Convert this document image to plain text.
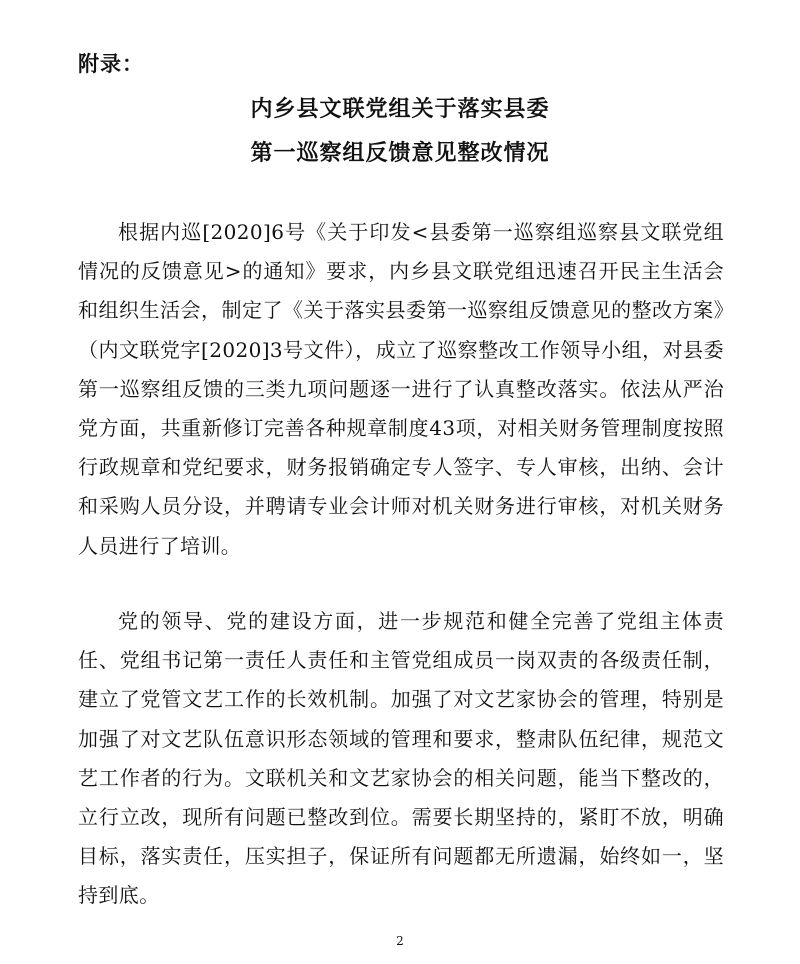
附录：
内乡县文联党组关于落实县委
第一巡察组反馈意见整改情况

根据内巡[2020]6号《关于印发<县委第一巡察组巡察县文联党组情况的反馈意见>的通知》要求，内乡县文联党组迅速召开民主生活会和组织生活会，制定了《关于落实县委第一巡察组反馈意见的整改方案》（内文联党字[2020]3号文件），成立了巡察整改工作领导小组，对县委第一巡察组反馈的三类九项问题逐一进行了认真整改落实。依法从严治党方面，共重新修订完善各种规章制度43项，对相关财务管理制度按照行政规章和党纪要求，财务报销确定专人签字、专人审核，出纳、会计和采购人员分设，并聘请专业会计师对机关财务进行审核，对机关财务人员进行了培训。

党的领导、党的建设方面，进一步规范和健全完善了党组主体责任、党组书记第一责任人责任和主管党组成员一岗双责的各级责任制，建立了党管文艺工作的长效机制。加强了对文艺家协会的管理，特别是加强了对文艺队伍意识形态领域的管理和要求，整肃队伍纪律，规范文艺工作者的行为。文联机关和文艺家协会的相关问题，能当下整改的，立行立改，现所有问题已整改到位。需要长期坚持的，紧盯不放，明确目标，落实责任，压实担子，保证所有问题都无所遗漏，始终如一，坚持到底。

2
